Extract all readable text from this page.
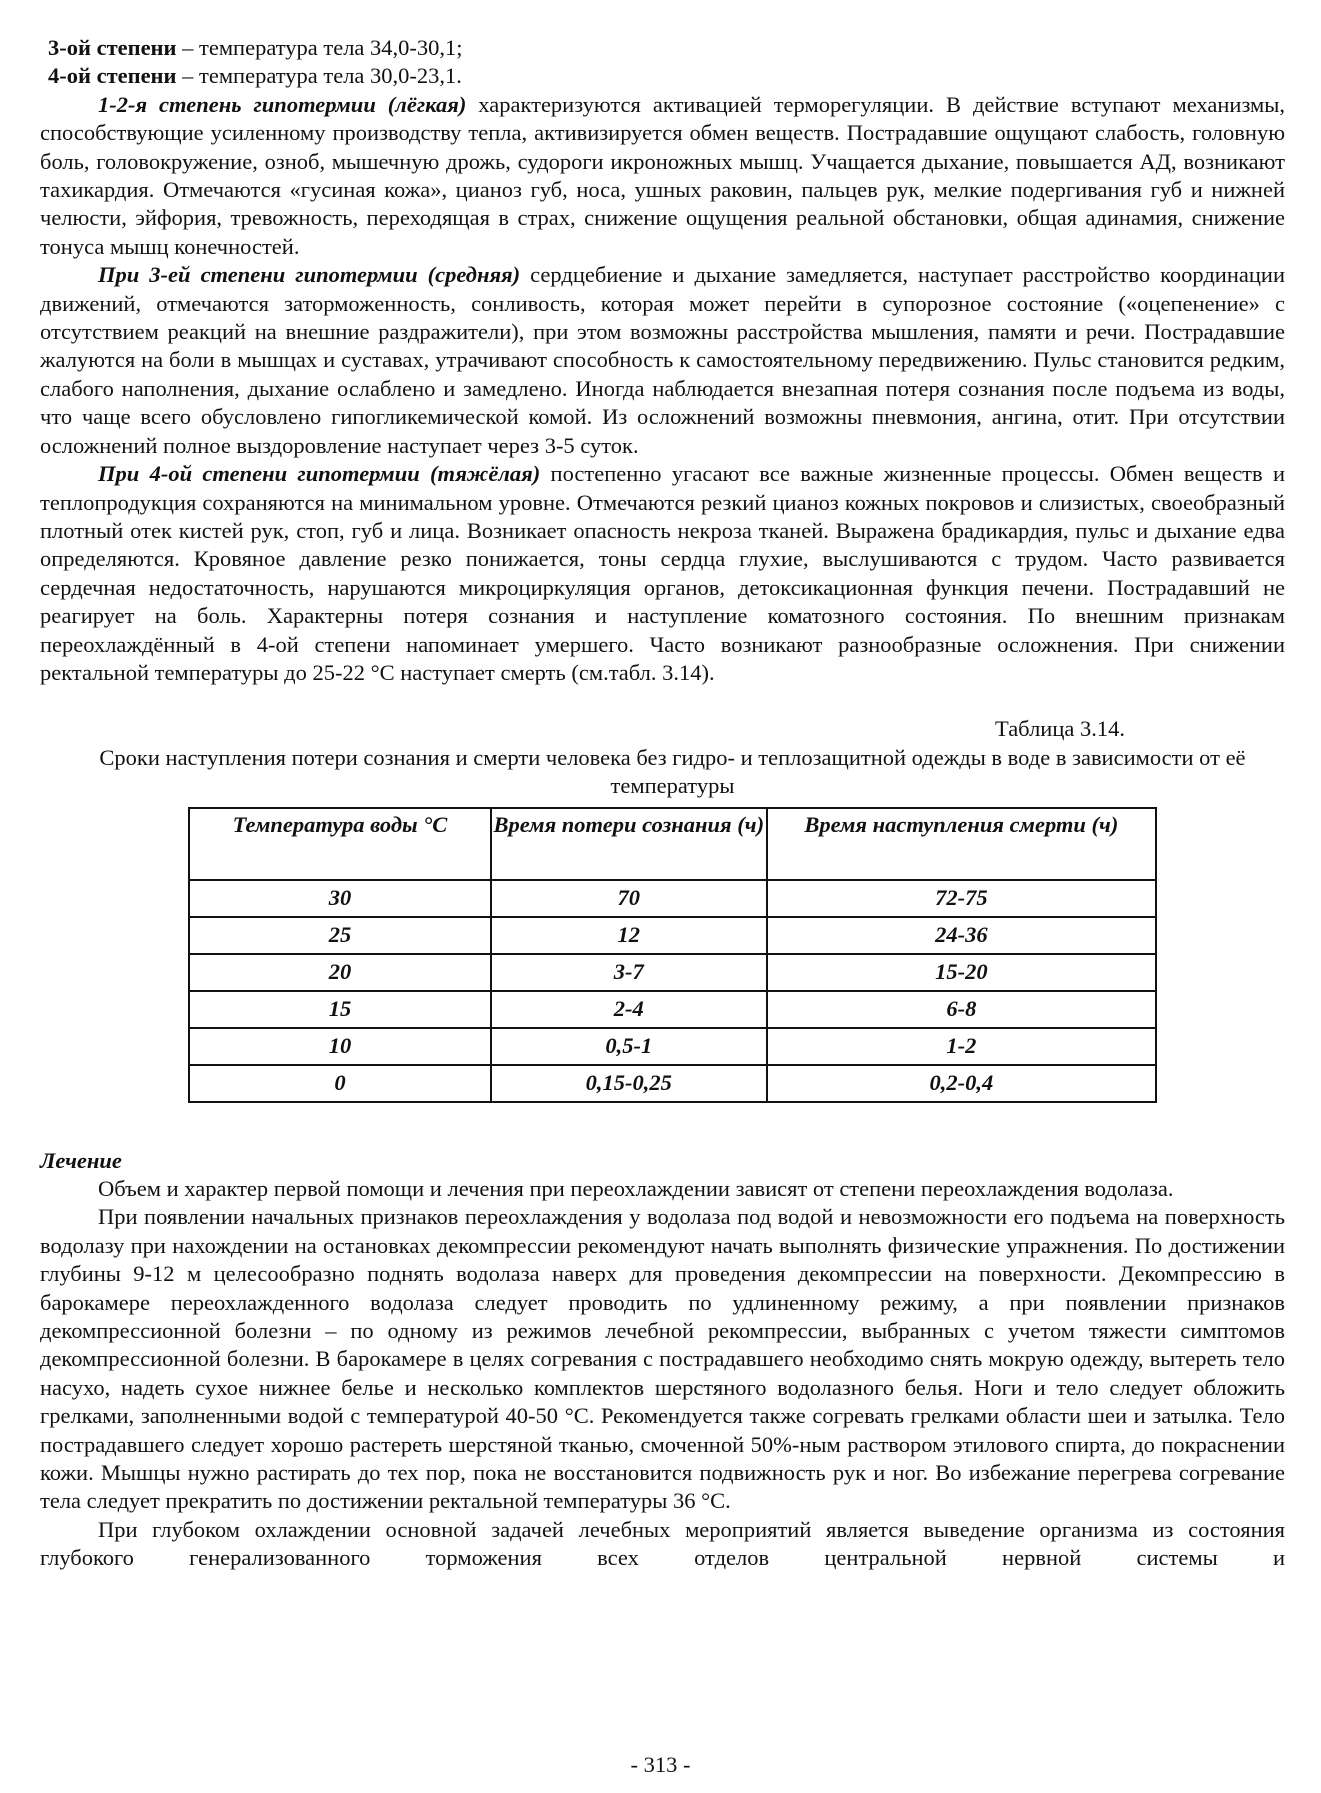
3-ой степени – температура тела 34,0-30,1;

4-ой степени – температура тела 30,0-23,1.

1-2-я степень гипотермии (лёгкая) характеризуются активацией терморегуляции. В действие вступают механизмы, способствующие усиленному производству тепла, активизируется обмен веществ. Пострадавшие ощущают слабость, головную боль, головокружение, озноб, мышечную дрожь, судороги икроножных мышц. Учащается дыхание, повышается АД, возникают тахикардия. Отмечаются «гусиная кожа», цианоз губ, носа, ушных раковин, пальцев рук, мелкие подергивания губ и нижней челюсти, эйфория, тревожность, переходящая в страх, снижение ощущения реальной обстановки, общая адинамия, снижение тонуса мышц конечностей.

При 3-ей степени гипотермии (средняя) сердцебиение и дыхание замедляется, наступает расстройство координации движений, отмечаются заторможенность, сонливость, которая может перейти в супорозное состояние («оцепенение» с отсутствием реакций на внешние раздражители), при этом возможны расстройства мышления, памяти и речи. Пострадавшие жалуются на боли в мышцах и суставах, утрачивают способность к самостоятельному передвижению. Пульс становится редким, слабого наполнения, дыхание ослаблено и замедлено. Иногда наблюдается внезапная потеря сознания после подъема из воды, что чаще всего обусловлено гипогликемической комой. Из осложнений возможны пневмония, ангина, отит. При отсутствии осложнений полное выздоровление наступает через 3-5 суток.

При 4-ой степени гипотермии (тяжёлая) постепенно угасают все важные жизненные процессы. Обмен веществ и теплопродукция сохраняются на минимальном уровне. Отмечаются резкий цианоз кожных покровов и слизистых, своеобразный плотный отек кистей рук, стоп, губ и лица. Возникает опасность некроза тканей. Выражена брадикардия, пульс и дыхание едва определяются. Кровяное давление резко понижается, тоны сердца глухие, выслушиваются с трудом. Часто развивается сердечная недостаточность, нарушаются микроциркуляция органов, детоксикационная функция печени. Пострадавший не реагирует на боль. Характерны потеря сознания и наступление коматозного состояния. По внешним признакам переохлаждённый в 4-ой степени напоминает умершего. Часто возникают разнообразные осложнения. При снижении ректальной температуры до 25-22 °С наступает смерть (см.табл. 3.14).

Таблица 3.14.

Сроки наступления потери сознания и смерти человека без гидро- и теплозащитной одежды в воде в зависимости от её температуры

Температура воды °С	Время потери сознания (ч)	Время наступления смерти (ч)
30	70	72-75
25	12	24-36
20	3-7	15-20
15	2-4	6-8
10	0,5-1	1-2
0	0,15-0,25	0,2-0,4

Лечение

Объем и характер первой помощи и лечения при переохлаждении зависят от степени переохлаждения водолаза.

При появлении начальных признаков переохлаждения у водолаза под водой и невозможности его подъема на поверхность водолазу при нахождении на остановках декомпрессии рекомендуют начать выполнять физические упражнения. По достижении глубины 9-12 м целесообразно поднять водолаза наверх для проведения декомпрессии на поверхности. Декомпрессию в барокамере переохлажденного водолаза следует проводить по удлиненному режиму, а при появлении признаков декомпрессионной болезни – по одному из режимов лечебной рекомпрессии, выбранных с учетом тяжести симптомов декомпрессионной болезни. В барокамере в целях согревания с пострадавшего необходимо снять мокрую одежду, вытереть тело насухо, надеть сухое нижнее белье и несколько комплектов шерстяного водолазного белья. Ноги и тело следует обложить грелками, заполненными водой с температурой 40-50 °С. Рекомендуется также согревать грелками области шеи и затылка. Тело пострадавшего следует хорошо растереть шерстяной тканью, смоченной 50%-ным раствором этилового спирта, до покраснении кожи. Мышцы нужно растирать до тех пор, пока не восстановится подвижность рук и ног. Во избежание перегрева согревание тела следует прекратить по достижении ректальной температуры 36 °С.

При глубоком охлаждении основной задачей лечебных мероприятий является выведение организма из состояния глубокого генерализованного торможения всех отделов центральной нервной системы и

- 313 -
